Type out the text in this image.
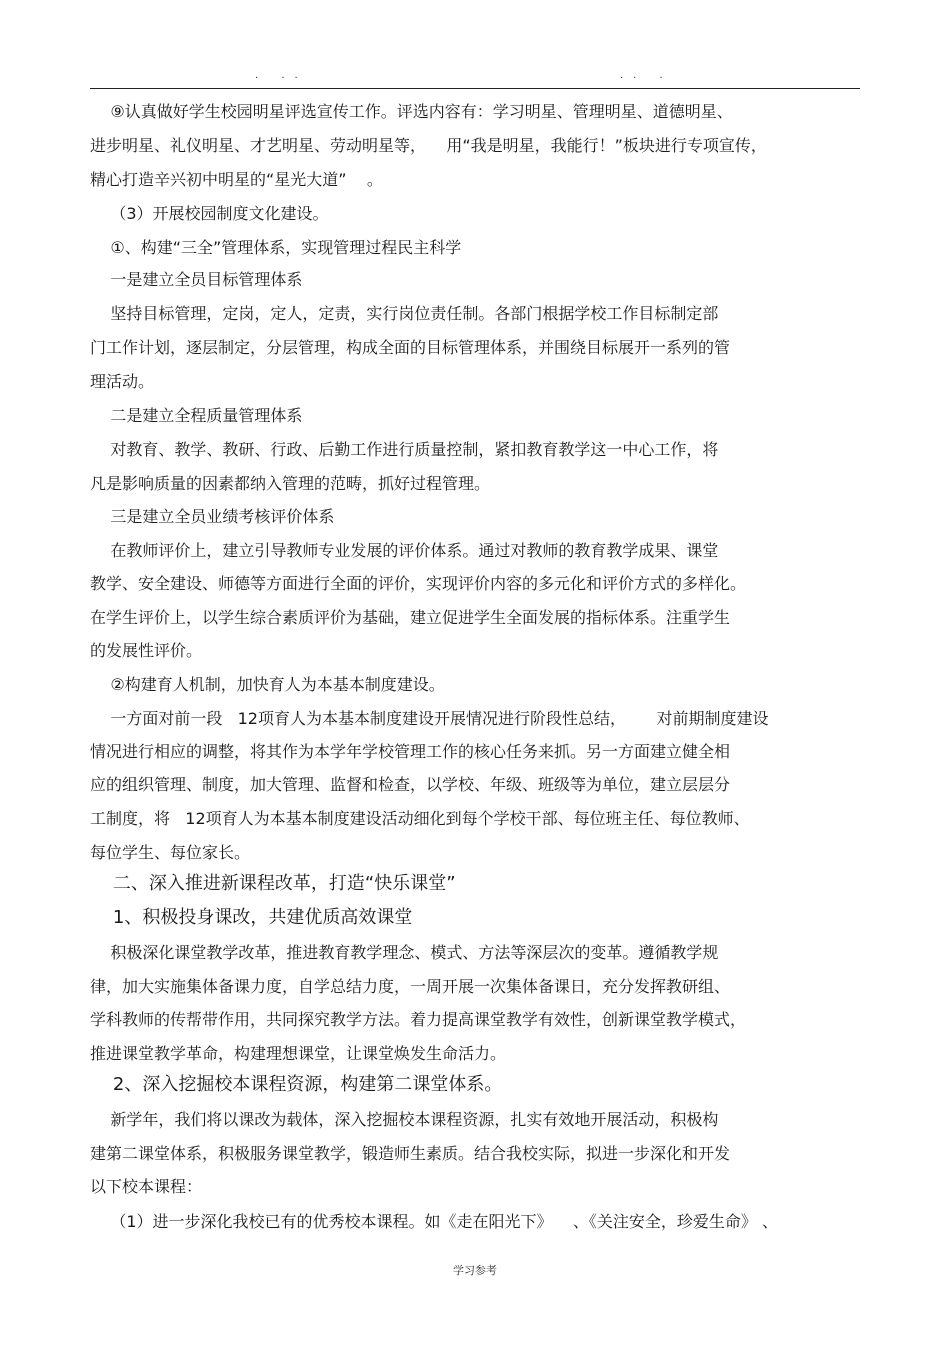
. ..	.. .
⑨认真做好学生校园明星评选宣传工作。评选内容有：学习明星、管理明星、道德明星、
进步明星、礼仪明星、才艺明星、劳动明星等，    用“我是明星，我能行！”板块进行专项宣传，
精心打造辛兴初中明星的“星光大道”    。
（3）开展校园制度文化建设。
①、构建“三全”管理体系，实现管理过程民主科学
一是建立全员目标管理体系
坚持目标管理，定岗，定人，定责，实行岗位责任制。各部门根据学校工作目标制定部
门工作计划，逐层制定，分层管理，构成全面的目标管理体系，并围绕目标展开一系列的管
理活动。
二是建立全程质量管理体系
对教育、教学、教研、行政、后勤工作进行质量控制，紧扣教育教学这一中心工作，将
凡是影响质量的因素都纳入管理的范畴，抓好过程管理。
三是建立全员业绩考核评价体系
在教师评价上，建立引导教师专业发展的评价体系。通过对教师的教育教学成果、课堂
教学、安全建设、师德等方面进行全面的评价，实现评价内容的多元化和评价方式的多样化。
在学生评价上，以学生综合素质评价为基础，建立促进学生全面发展的指标体系。注重学生
的发展性评价。
②构建育人机制，加快育人为本基本制度建设。
一方面对前一段   12项育人为本基本制度建设开展情况进行阶段性总结，      对前期制度建设
情况进行相应的调整，将其作为本学年学校管理工作的核心任务来抓。另一方面建立健全相
应的组织管理、制度，加大管理、监督和检查，以学校、年级、班级等为单位，建立层层分
工制度，将   12项育人为本基本制度建设活动细化到每个学校干部、每位班主任、每位教师、
每位学生、每位家长。
二、深入推进新课程改革，打造“快乐课堂”
1、积极投身课改，共建优质高效课堂
积极深化课堂教学改革，推进教育教学理念、模式、方法等深层次的变革。遵循教学规
律，加大实施集体备课力度，自学总结力度，一周开展一次集体备课日，充分发挥教研组、
学科教师的传帮带作用，共同探究教学方法。着力提高课堂教学有效性，创新课堂教学模式，
推进课堂教学革命，构建理想课堂，让课堂焕发生命活力。
2、深入挖掘校本课程资源，构建第二课堂体系。
新学年，我们将以课改为载体，深入挖掘校本课程资源，扎实有效地开展活动，积极构
建第二课堂体系，积极服务课堂教学，锻造师生素质。结合我校实际，拟进一步深化和开发
以下校本课程：
（1）进一步深化我校已有的优秀校本课程。如《走在阳光下》    、《关注安全，珍爱生命》 、
学习参考
